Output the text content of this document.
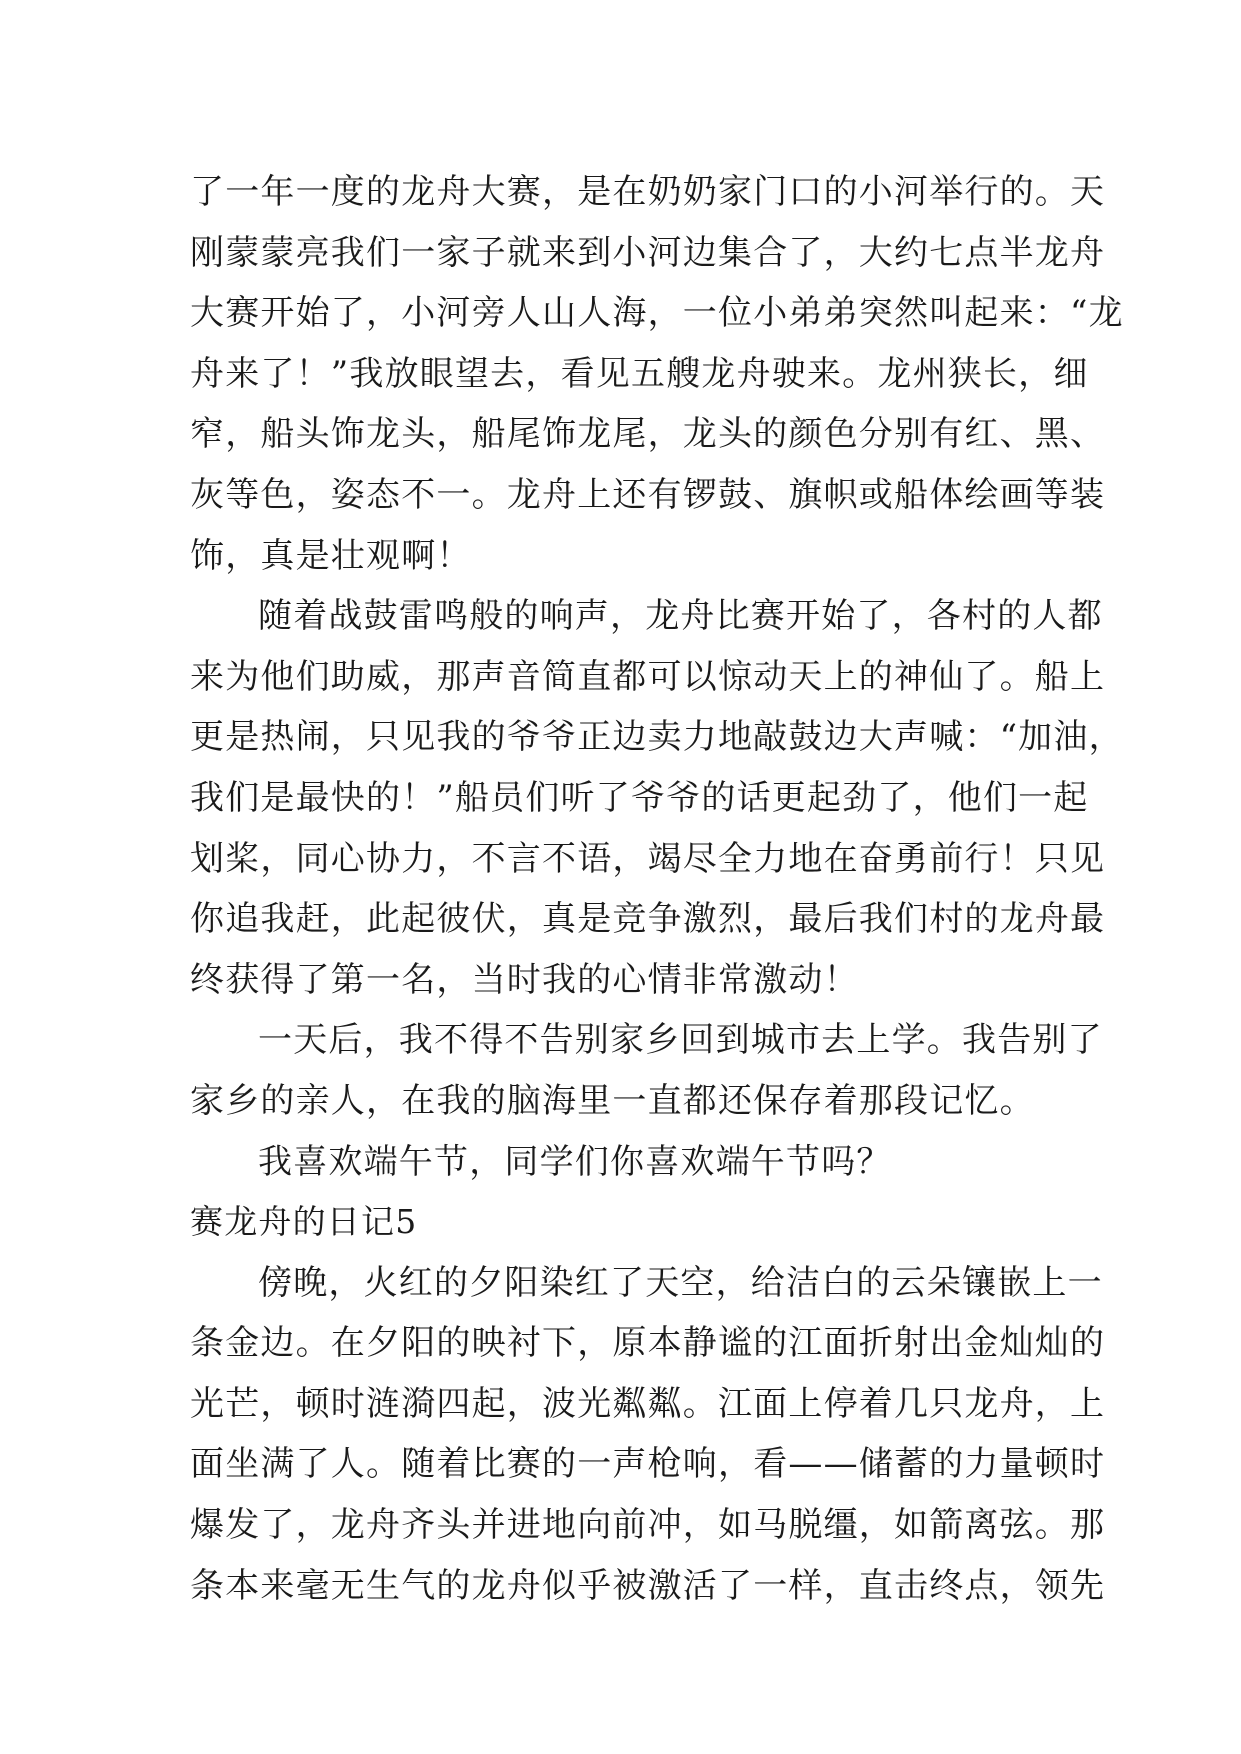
了一年一度的龙舟大赛，是在奶奶家门口的小河举行的。天
刚蒙蒙亮我们一家子就来到小河边集合了，大约七点半龙舟
大赛开始了，小河旁人山人海，一位小弟弟突然叫起来：“龙
舟来了！”我放眼望去，看见五艘龙舟驶来。龙州狭长，细
窄，船头饰龙头，船尾饰龙尾，龙头的颜色分别有红、黑、
灰等色，姿态不一。龙舟上还有锣鼓、旗帜或船体绘画等装
饰，真是壮观啊！
随着战鼓雷鸣般的响声，龙舟比赛开始了，各村的人都
来为他们助威，那声音简直都可以惊动天上的神仙了。船上
更是热闹，只见我的爷爷正边卖力地敲鼓边大声喊：“加油，
我们是最快的！”船员们听了爷爷的话更起劲了，他们一起
划桨，同心协力，不言不语，竭尽全力地在奋勇前行！只见
你追我赶，此起彼伏，真是竞争激烈，最后我们村的龙舟最
终获得了第一名，当时我的心情非常激动！
一天后，我不得不告别家乡回到城市去上学。我告别了
家乡的亲人，在我的脑海里一直都还保存着那段记忆。
我喜欢端午节，同学们你喜欢端午节吗？
赛龙舟的日记5
傍晚，火红的夕阳染红了天空，给洁白的云朵镶嵌上一
条金边。在夕阳的映衬下，原本静谧的江面折射出金灿灿的
光芒，顿时涟漪四起，波光粼粼。江面上停着几只龙舟，上
面坐满了人。随着比赛的一声枪响，看——储蓄的力量顿时
爆发了，龙舟齐头并进地向前冲，如马脱缰，如箭离弦。那
条本来毫无生气的龙舟似乎被激活了一样，直击终点，领先
